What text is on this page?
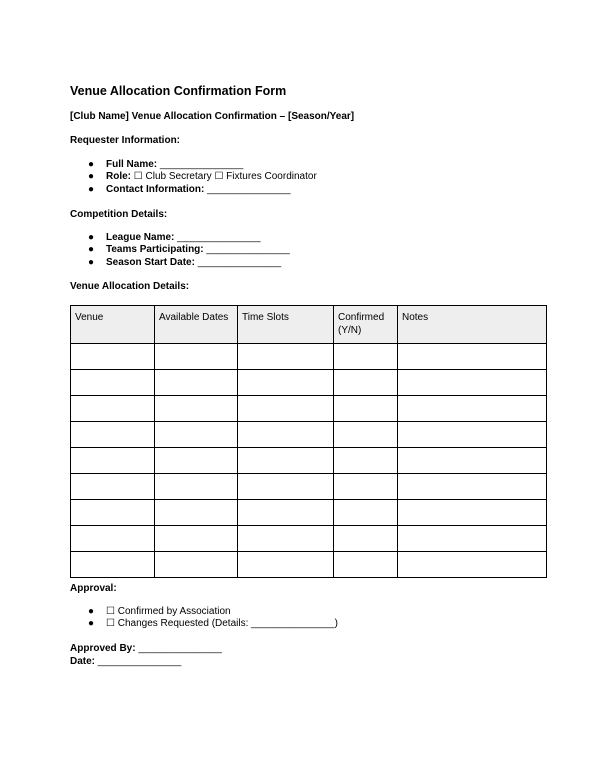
Venue Allocation Confirmation Form
[Club Name] Venue Allocation Confirmation – [Season/Year]
Requester Information:
● Full Name: _______________
● Role: ☐ Club Secretary ☐ Fixtures Coordinator
● Contact Information: _______________
Competition Details:
● League Name: _______________
● Teams Participating: _______________
● Season Start Date: _______________
Venue Allocation Details:
Venue	Available Dates	Time Slots	Confirmed (Y/N)	Notes

Approval:
● ☐ Confirmed by Association
● ☐ Changes Requested (Details: _______________)
Approved By: _______________
Date: _______________
